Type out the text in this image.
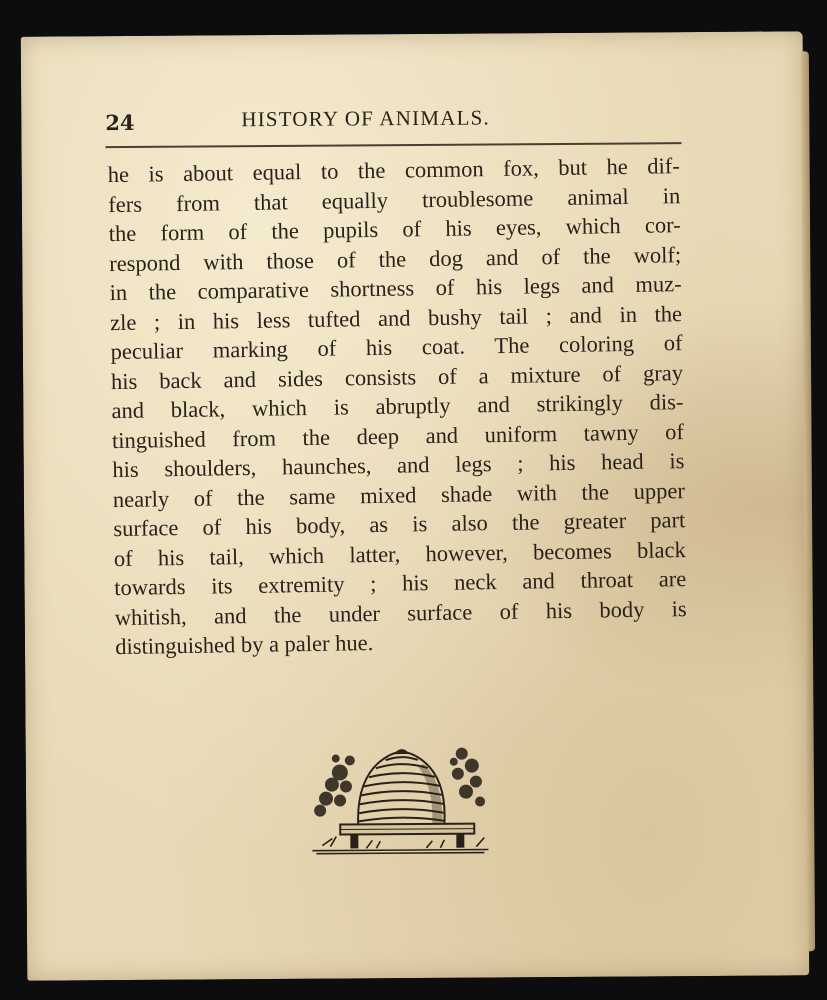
24	HISTORY OF ANIMALS.
he is about equal to the common fox, but he dif-
fers from that equally troublesome animal in
the form of the pupils of his eyes, which cor-
respond with those of the dog and of the wolf;
in the comparative shortness of his legs and muz-
zle ; in his less tufted and bushy tail ; and in the
peculiar marking of his coat. The coloring of
his back and sides consists of a mixture of gray
and black, which is abruptly and strikingly dis-
tinguished from the deep and uniform tawny of
his shoulders, haunches, and legs ; his head is
nearly of the same mixed shade with the upper
surface of his body, as is also the greater part
of his tail, which latter, however, becomes black
towards its extremity ; his neck and throat are
whitish, and the under surface of his body is
distinguished by a paler hue.
